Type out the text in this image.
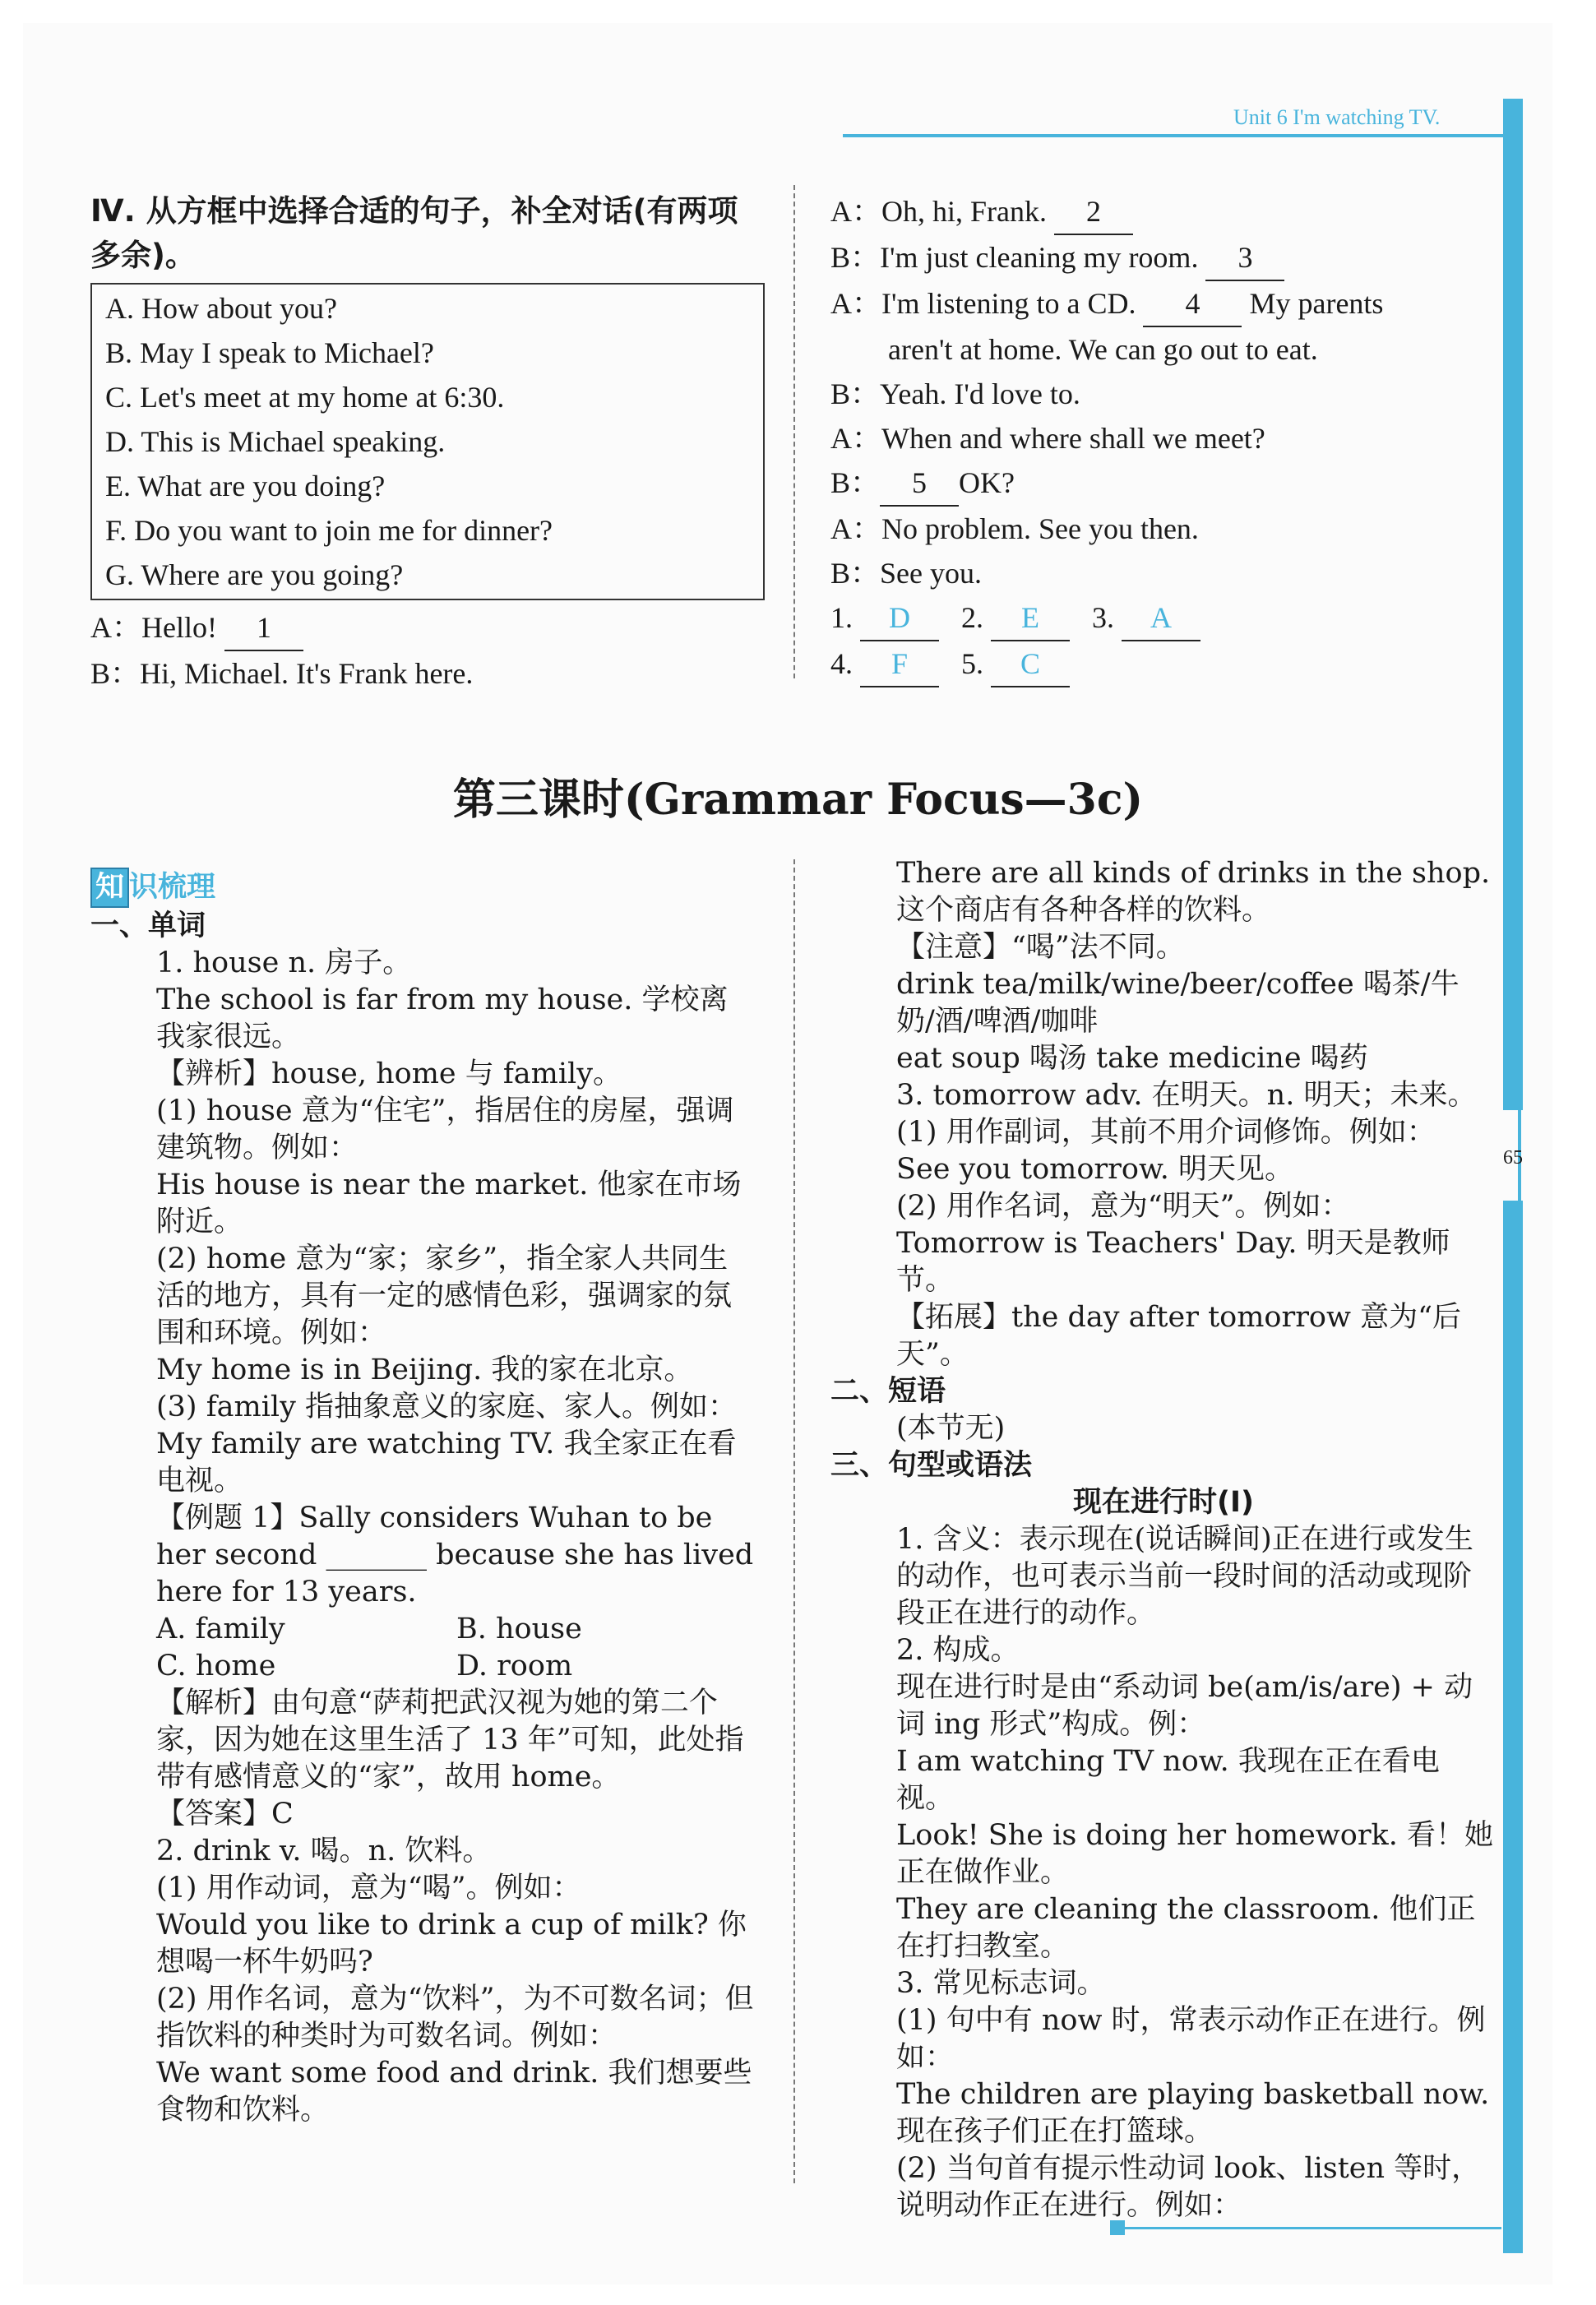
Unit 6 I'm watching TV.
65

Ⅳ. 从方框中选择合适的句子，补全对话(有两项多余)。

A. How about you?
B. May I speak to Michael?
C. Let's meet at my home at 6:30.
D. This is Michael speaking.
E. What are you doing?
F. Do you want to join me for dinner?
G. Where are you going?
A：Hello! 1
B：Hi, Michael. It's Frank here.
A：Oh, hi, Frank. 2
B：I'm just cleaning my room. 3
A：I'm listening to a CD. 4 My parents
aren't at home. We can go out to eat.
B：Yeah. I'd love to.
A：When and where shall we meet?
B： 5 OK?
A：No problem. See you then.
B：See you.
1. D 2. E 3. A
4. F 5. C
第三课时(Grammar Focus—3c)

知 识梳理

一、单词

1. house n. 房子。

The school is far from my house. 学校离我家很远。

【辨析】house, home 与 family。

(1) house 意为“住宅”，指居住的房屋，强调建筑物。例如：

His house is near the market. 他家在市场附近。

(2) home 意为“家；家乡”，指全家人共同生活的地方，具有一定的感情色彩，强调家的氛围和环境。例如：

My home is in Beijing. 我的家在北京。

(3) family 指抽象意义的家庭、家人。例如：

My family are watching TV. 我全家正在看电视。

【例题 1】Sally considers Wuhan to be her second _______ because she has lived here for 13 years.

A. family	B. house
C. home	D. room

【解析】由句意“萨莉把武汉视为她的第二个家，因为她在这里生活了 13 年”可知，此处指带有感情意义的“家”，故用 home。

【答案】C

2. drink v. 喝。n. 饮料。

(1) 用作动词，意为“喝”。例如：

Would you like to drink a cup of milk? 你想喝一杯牛奶吗?

(2) 用作名词，意为“饮料”，为不可数名词；但指饮料的种类时为可数名词。例如：

We want some food and drink. 我们想要些食物和饮料。

There are all kinds of drinks in the shop. 这个商店有各种各样的饮料。

【注意】“喝”法不同。

drink tea/milk/wine/beer/coffee 喝茶/牛奶/酒/啤酒/咖啡

eat soup 喝汤 take medicine 喝药

3. tomorrow adv. 在明天。n. 明天；未来。

(1) 用作副词，其前不用介词修饰。例如：

See you tomorrow. 明天见。

(2) 用作名词，意为“明天”。例如：

Tomorrow is Teachers' Day. 明天是教师节。

【拓展】the day after tomorrow 意为“后天”。

二、短语

(本节无)

三、句型或语法

现在进行时(Ⅰ)

1. 含义：表示现在(说话瞬间)正在进行或发生的动作，也可表示当前一段时间的活动或现阶段正在进行的动作。

2. 构成。

现在进行时是由“系动词 be(am/is/are) + 动词 ing 形式”构成。例：

I am watching TV now. 我现在正在看电视。

Look! She is doing her homework. 看！她正在做作业。

They are cleaning the classroom. 他们正在打扫教室。

3. 常见标志词。

(1) 句中有 now 时，常表示动作正在进行。例如：

The children are playing basketball now. 现在孩子们正在打篮球。

(2) 当句首有提示性动词 look、listen 等时，说明动作正在进行。例如：
